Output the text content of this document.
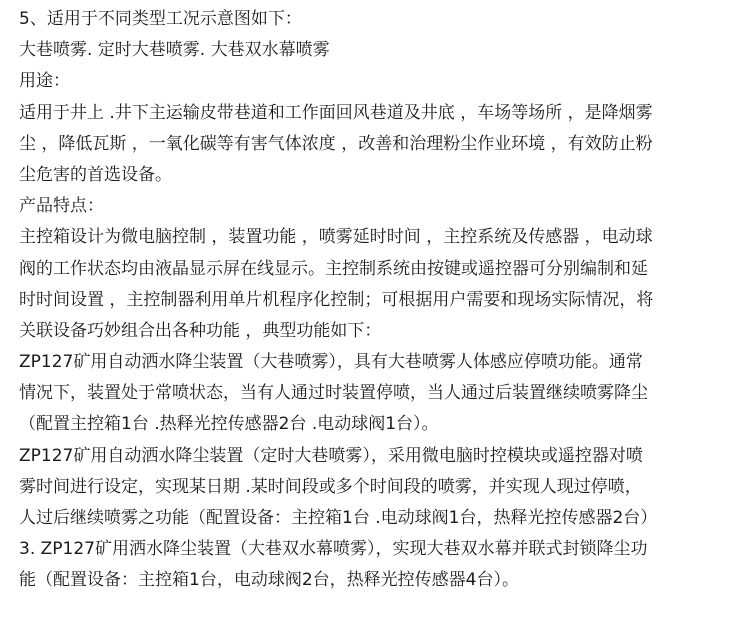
5、适用于不同类型工况示意图如下：
大巷喷雾. 定时大巷喷雾. 大巷双水幕喷雾
用途：
适用于井上 .井下主运输皮带巷道和工作面回风巷道及井底 ，车场等场所 ，是降烟雾
尘 ，降低瓦斯 ，一氧化碳等有害气体浓度 ，改善和治理粉尘作业环境 ，有效防止粉
尘危害的首选设备。
产品特点：
主控箱设计为微电脑控制 ，装置功能 ，喷雾延时时间 ，主控系统及传感器 ，电动球
阀的工作状态均由液晶显示屏在线显示。主控制系统由按键或遥控器可分别编制和延
时时间设置 ，主控制器利用单片机程序化控制；可根据用户需要和现场实际情况，将
关联设备巧妙组合出各种功能 ，典型功能如下：
ZP127矿用自动洒水降尘装置（大巷喷雾），具有大巷喷雾人体感应停喷功能。通常
情况下，装置处于常喷状态，当有人通过时装置停喷，当人通过后装置继续喷雾降尘
（配置主控箱1台 .热释光控传感器2台 .电动球阀1台）。
ZP127矿用自动洒水降尘装置（定时大巷喷雾），采用微电脑时控模块或遥控器对喷
雾时间进行设定，实现某日期 .某时间段或多个时间段的喷雾，并实现人现过停喷，
人过后继续喷雾之功能（配置设备：主控箱1台 .电动球阀1台，热释光控传感器2台）
3. ZP127矿用洒水降尘装置（大巷双水幕喷雾），实现大巷双水幕并联式封锁降尘功
能（配置设备：主控箱1台，电动球阀2台，热释光控传感器4台）。
